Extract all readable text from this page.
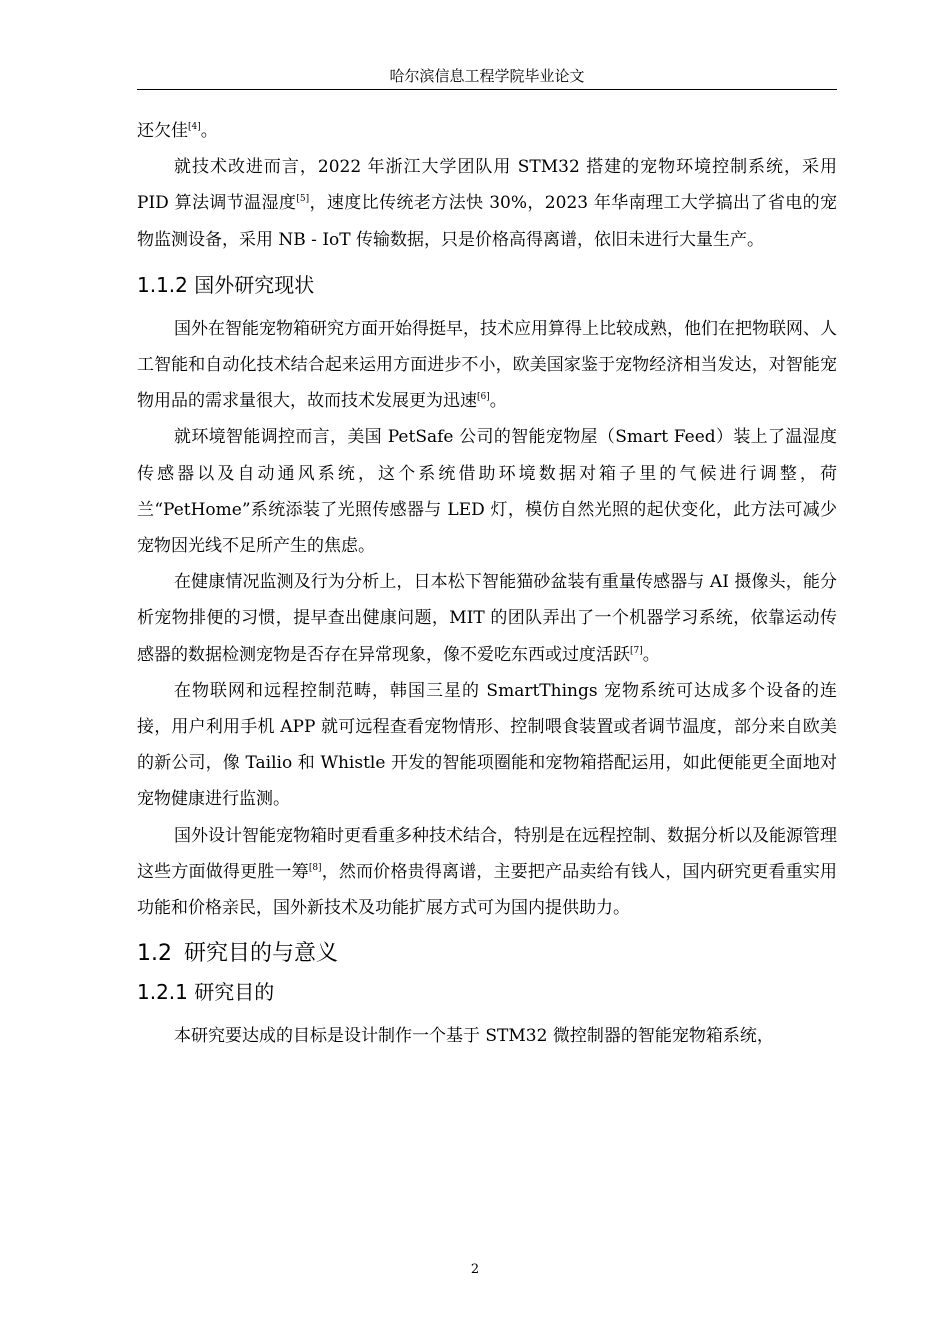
哈尔滨信息工程学院毕业论文

还欠佳[4]。

就技术改进而言，2022 年浙江大学团队用 STM32 搭建的宠物环境控制系统，采用 PID 算法调节温湿度[5]，速度比传统老方法快 30%，2023 年华南理工大学搞出了省电的宠物监测设备，采用 NB - IoT 传输数据，只是价格高得离谱，依旧未进行大量生产。

1.1.2 国外研究现状

国外在智能宠物箱研究方面开始得挺早，技术应用算得上比较成熟，他们在把物联网、人工智能和自动化技术结合起来运用方面进步不小，欧美国家鉴于宠物经济相当发达，对智能宠物用品的需求量很大，故而技术发展更为迅速[6]。

就环境智能调控而言，美国 PetSafe 公司的智能宠物屋（Smart Feed）装上了温湿度传感器以及自动通风系统，这个系统借助环境数据对箱子里的气候进行调整，荷兰“PetHome”系统添装了光照传感器与 LED 灯，模仿自然光照的起伏变化，此方法可减少宠物因光线不足所产生的焦虑。

在健康情况监测及行为分析上，日本松下智能猫砂盆装有重量传感器与 AI 摄像头，能分析宠物排便的习惯，提早查出健康问题，MIT 的团队弄出了一个机器学习系统，依靠运动传感器的数据检测宠物是否存在异常现象，像不爱吃东西或过度活跃[7]。

在物联网和远程控制范畴，韩国三星的 SmartThings 宠物系统可达成多个设备的连接，用户利用手机 APP 就可远程查看宠物情形、控制喂食装置或者调节温度，部分来自欧美的新公司，像 Tailio 和 Whistle 开发的智能项圈能和宠物箱搭配运用，如此便能更全面地对宠物健康进行监测。

国外设计智能宠物箱时更看重多种技术结合，特别是在远程控制、数据分析以及能源管理这些方面做得更胜一筹[8]，然而价格贵得离谱，主要把产品卖给有钱人，国内研究更看重实用功能和价格亲民，国外新技术及功能扩展方式可为国内提供助力。

1.2 研究目的与意义
1.2.1 研究目的

本研究要达成的目标是设计制作一个基于 STM32 微控制器的智能宠物箱系统，

2
